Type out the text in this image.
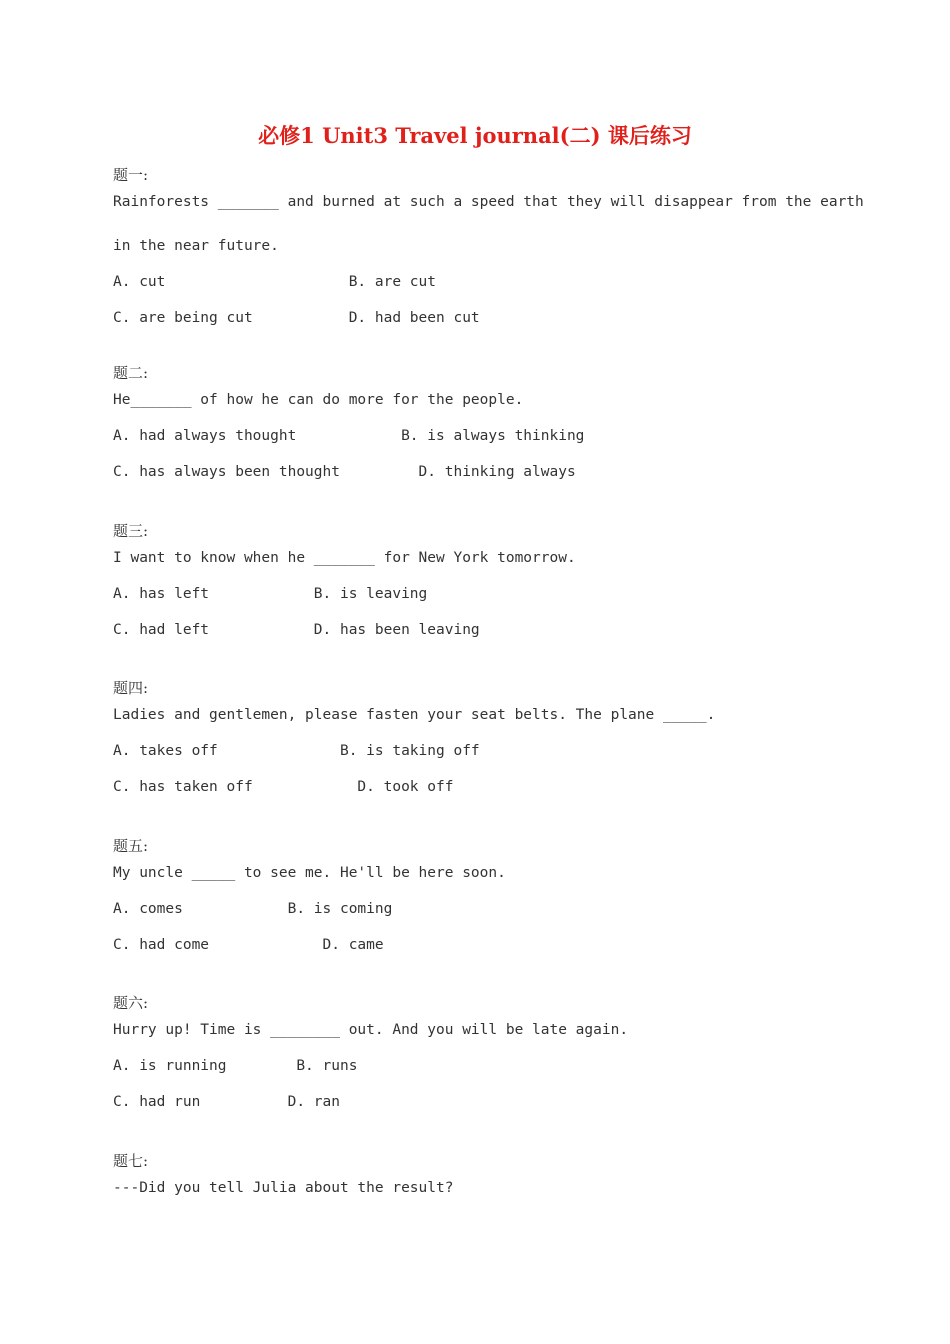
必修1 Unit3 Travel journal(二) 课后练习
题一:
Rainforests _______ and burned at such a speed that they will disappear from the earth
in the near future.
A. cut                     B. are cut
C. are being cut           D. had been cut
题二:
He_______ of how he can do more for the people.
A. had always thought            B. is always thinking
C. has always been thought         D. thinking always
题三:
I want to know when he _______ for New York tomorrow.
A. has left            B. is leaving
C. had left            D. has been leaving
题四:
Ladies and gentlemen, please fasten your seat belts. The plane _____.
A. takes off              B. is taking off
C. has taken off            D. took off
题五:
My uncle _____ to see me. He'll be here soon.
A. comes            B. is coming
C. had come             D. came
题六:
Hurry up! Time is ________ out. And you will be late again.
A. is running        B. runs
C. had run          D. ran
题七:
---Did you tell Julia about the result?
